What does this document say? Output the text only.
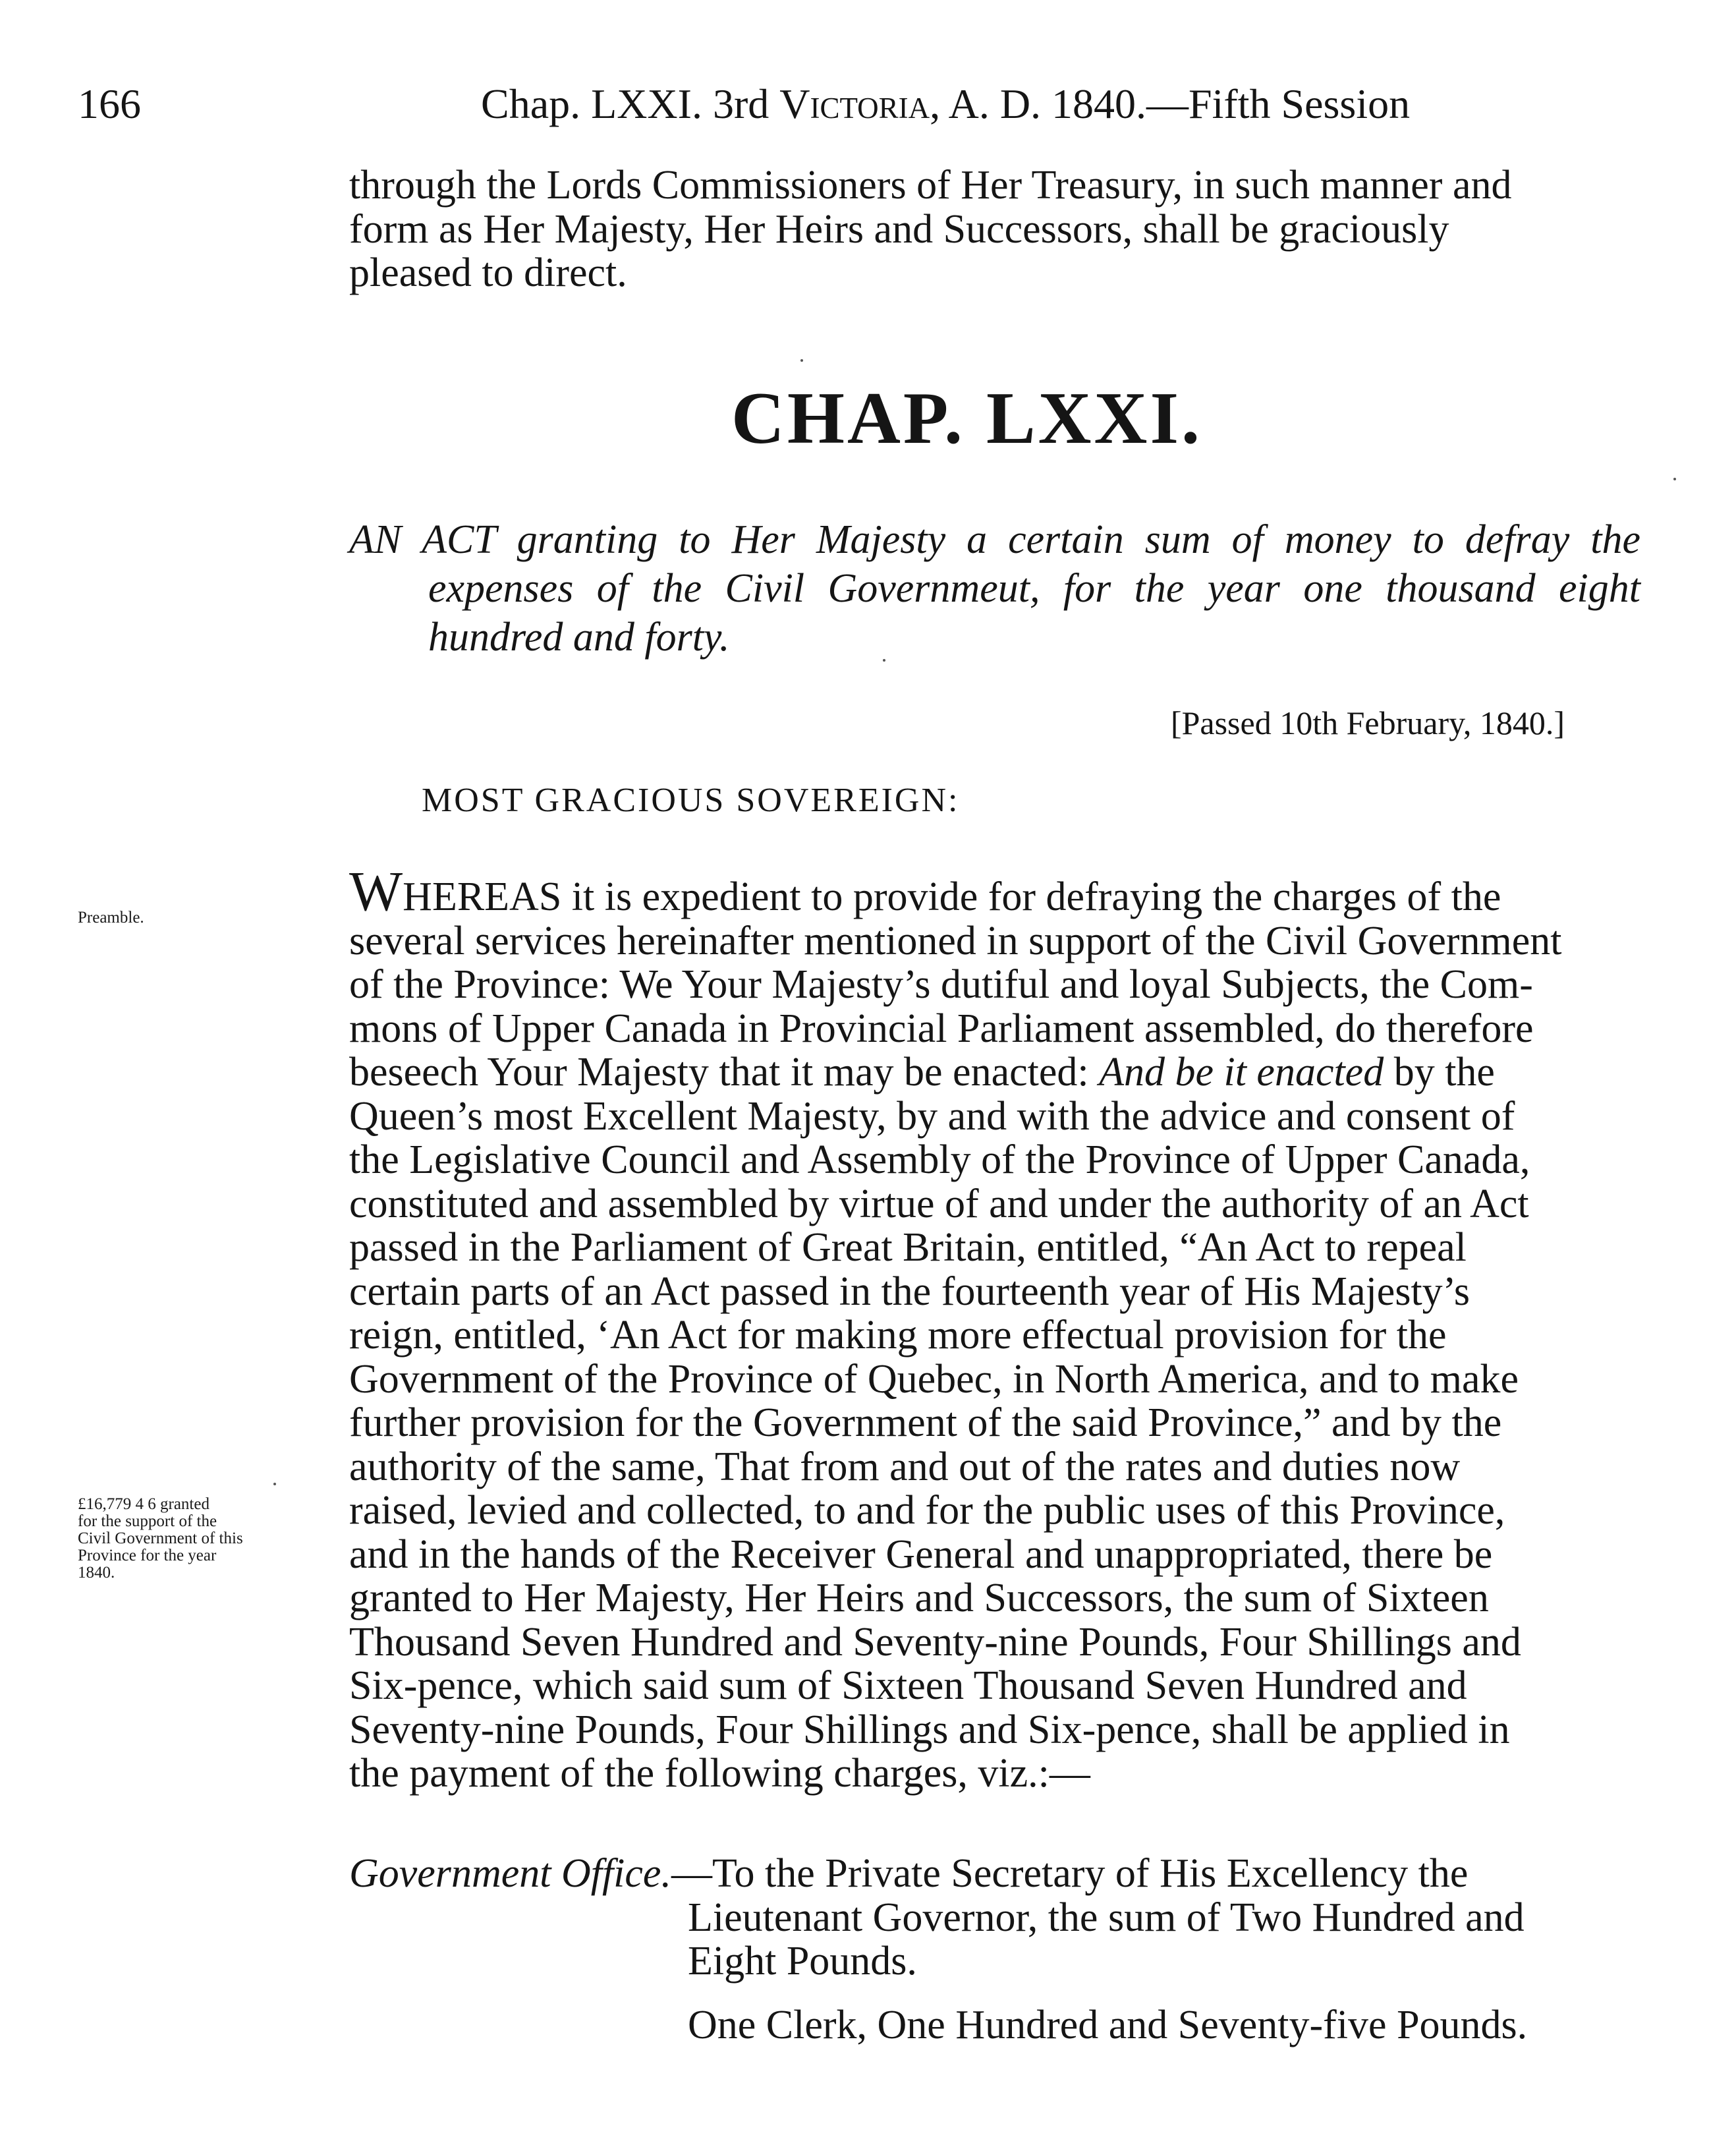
166	Chap. LXXI. 3rd Victoria, A. D. 1840.—Fifth Session
through the Lords Commissioners of Her Treasury, in such manner and
form as Her Majesty, Her Heirs and Successors, shall be graciously
pleased to direct.
CHAP. LXXI.
AN ACT granting to Her Majesty a certain sum of money to defray the expenses of the Civil Governmeut, for the year one thousand eight hundred and forty.
[Passed 10th February, 1840.]
MOST GRACIOUS SOVEREIGN:
Preamble.
£16,779 4 6 granted
for the support of the
Civil Government of this
Province for the year
1840.
WHEREAS it is expedient to provide for defraying the charges of the
several services hereinafter mentioned in support of the Civil Government
of the Province: We Your Majesty’s dutiful and loyal Subjects, the Com-
mons of Upper Canada in Provincial Parliament assembled, do therefore
beseech Your Majesty that it may be enacted: And be it enacted by the
Queen’s most Excellent Majesty, by and with the advice and consent of
the Legislative Council and Assembly of the Province of Upper Canada,
constituted and assembled by virtue of and under the authority of an Act
passed in the Parliament of Great Britain, entitled, “An Act to repeal
certain parts of an Act passed in the fourteenth year of His Majesty’s
reign, entitled, ‘An Act for making more effectual provision for the
Government of the Province of Quebec, in North America, and to make
further provision for the Government of the said Province,” and by the
authority of the same, That from and out of the rates and duties now
raised, levied and collected, to and for the public uses of this Province,
and in the hands of the Receiver General and unappropriated, there be
granted to Her Majesty, Her Heirs and Successors, the sum of Sixteen
Thousand Seven Hundred and Seventy-nine Pounds, Four Shillings and
Six-pence, which said sum of Sixteen Thousand Seven Hundred and
Seventy-nine Pounds, Four Shillings and Six-pence, shall be applied in
the payment of the following charges, viz.:—
Government Office.—To the Private Secretary of His Excellency the
Lieutenant Governor, the sum of Two Hundred and
Eight Pounds.
One Clerk, One Hundred and Seventy-five Pounds.
